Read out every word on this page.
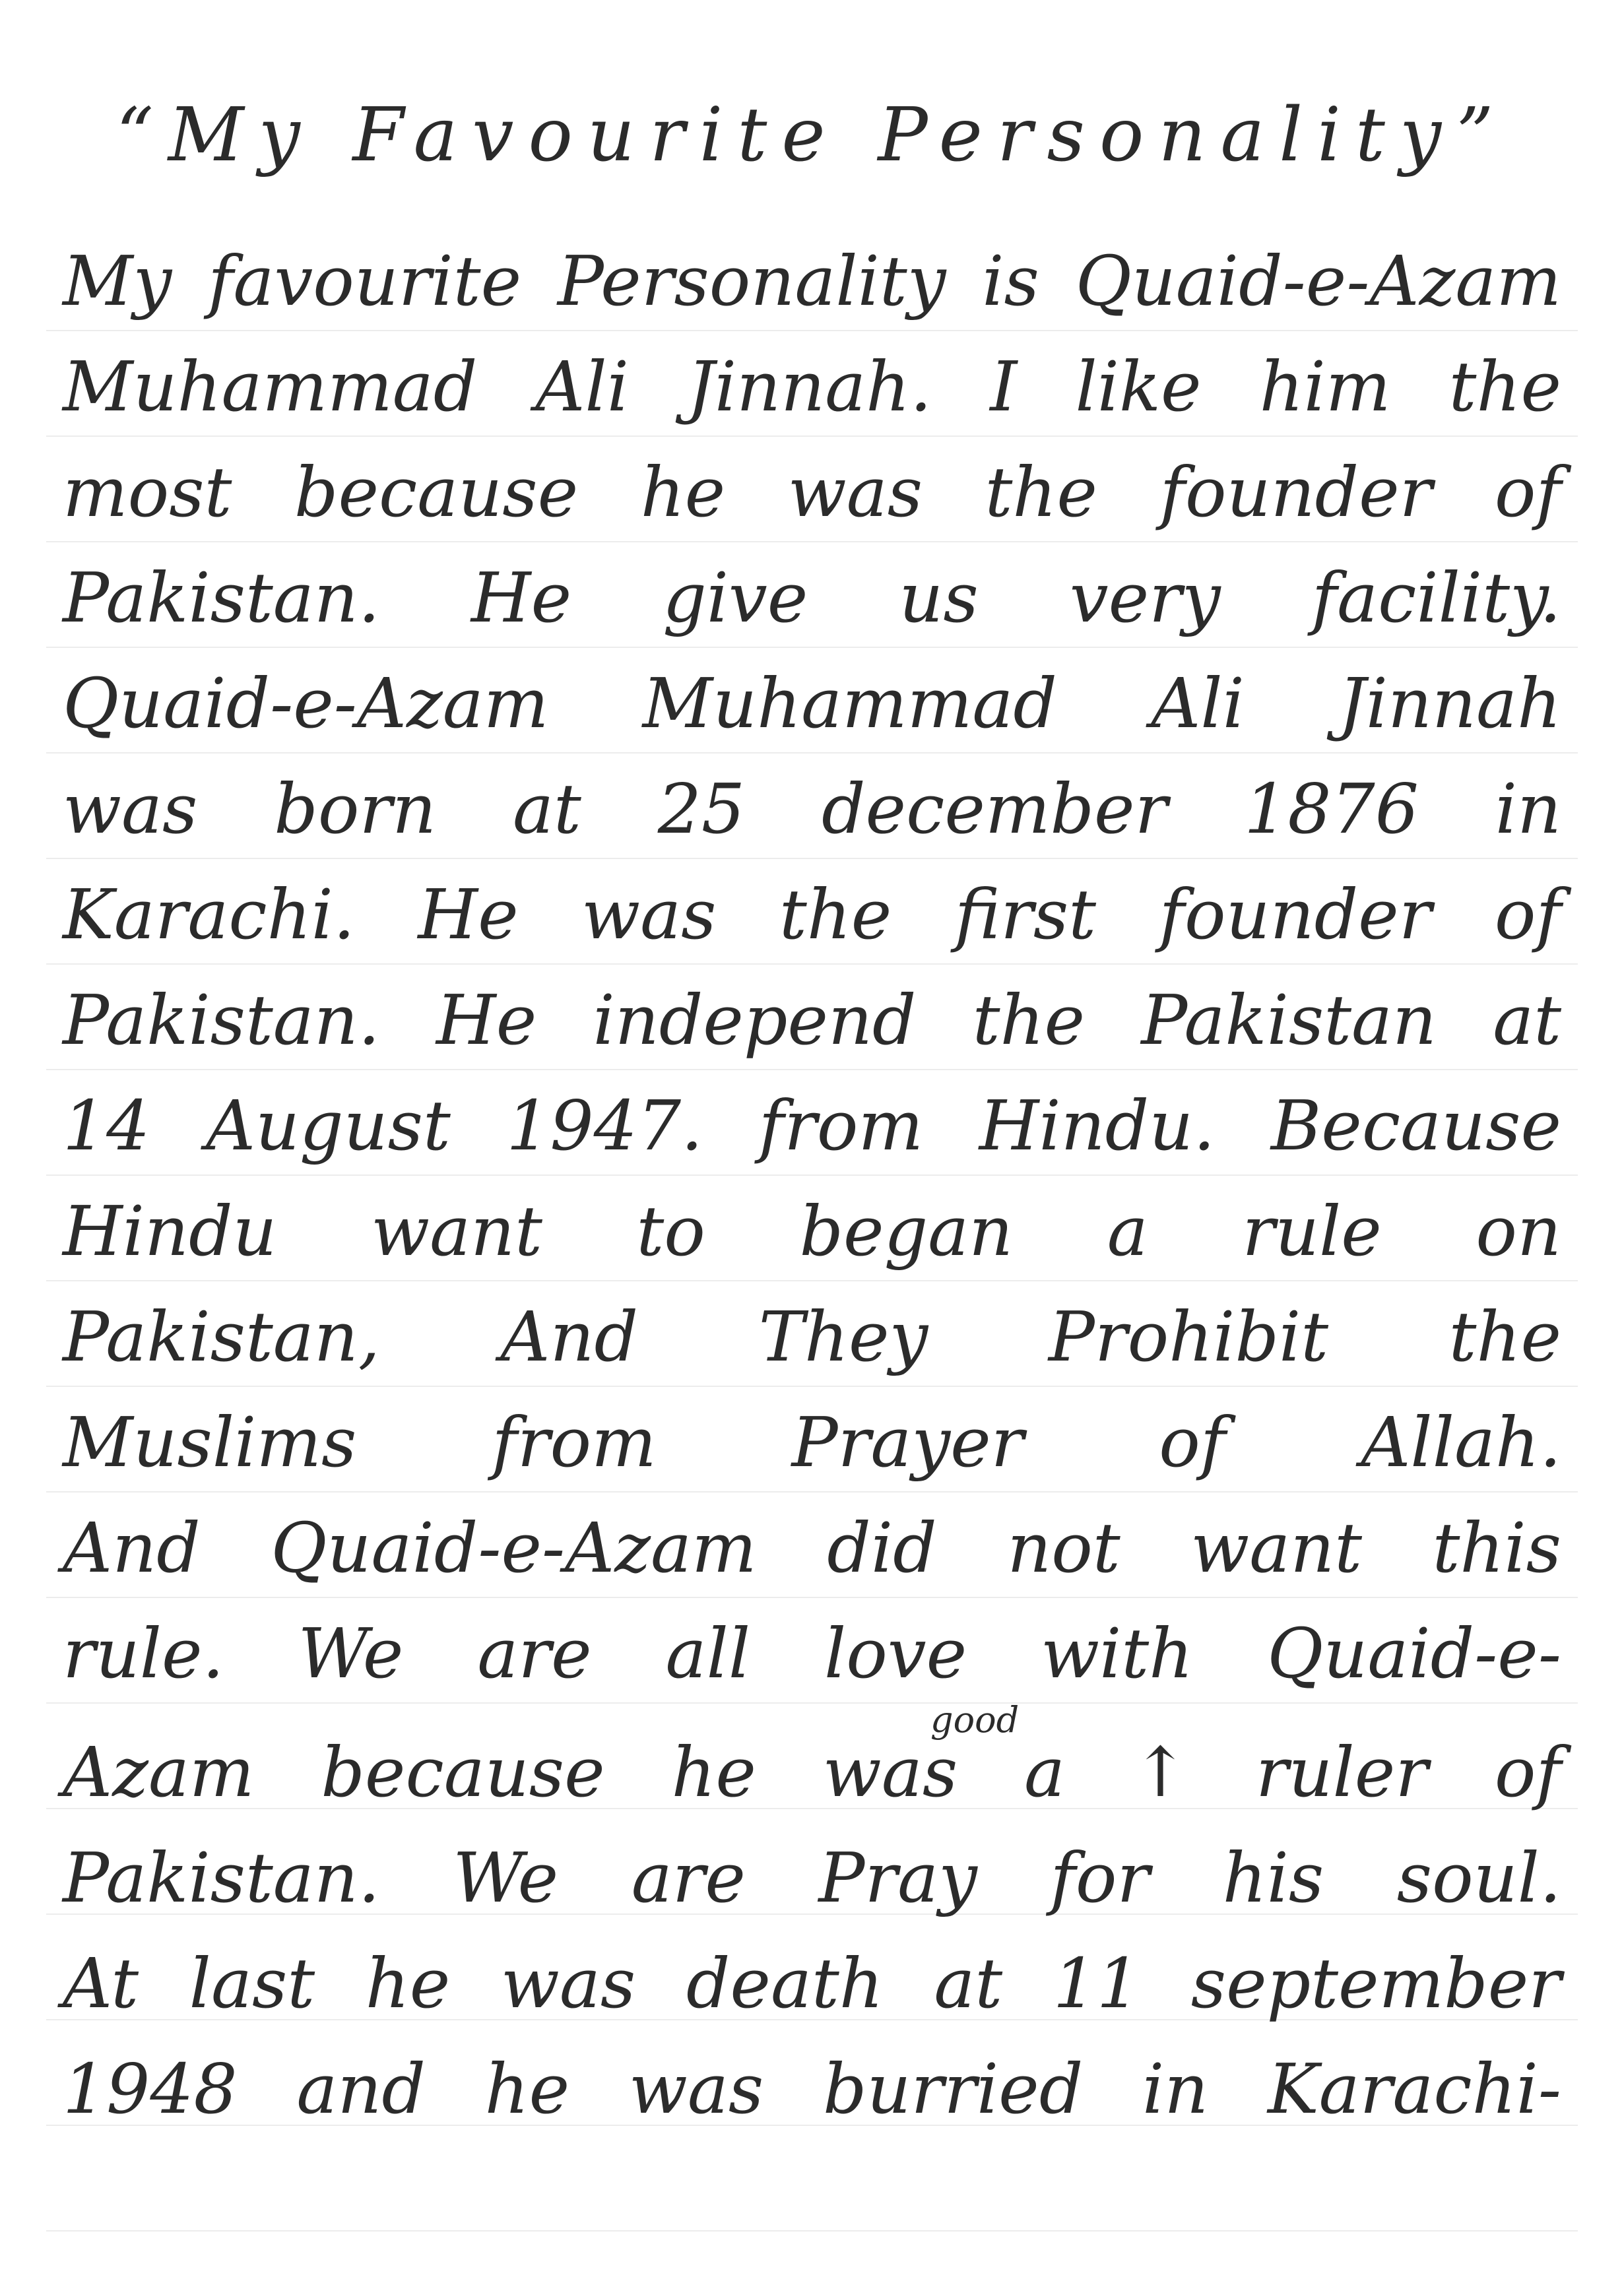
“My Favourite Personality”
My favourite Personality is Quaid-e-Azam
Muhammad Ali Jinnah. I like him the
most because he was the founder of
Pakistan. He give us very facility.
Quaid-e-Azam Muhammad Ali Jinnah
was born at 25 december 1876 in
Karachi. He was the first founder of
Pakistan. He independ the Pakistan at
14 August 1947. from Hindu. Because
Hindu want to began a rule on
Pakistan, And They Prohibit the
Muslims from Prayer of Allah.
And Quaid-e-Azam did not want this
rule. We are all love with Quaid-e-
good
Azam because he was a ↑ ruler of
Pakistan. We are Pray for his soul.
At last he was death at 11 september
1948 and he was burried in Karachi-
